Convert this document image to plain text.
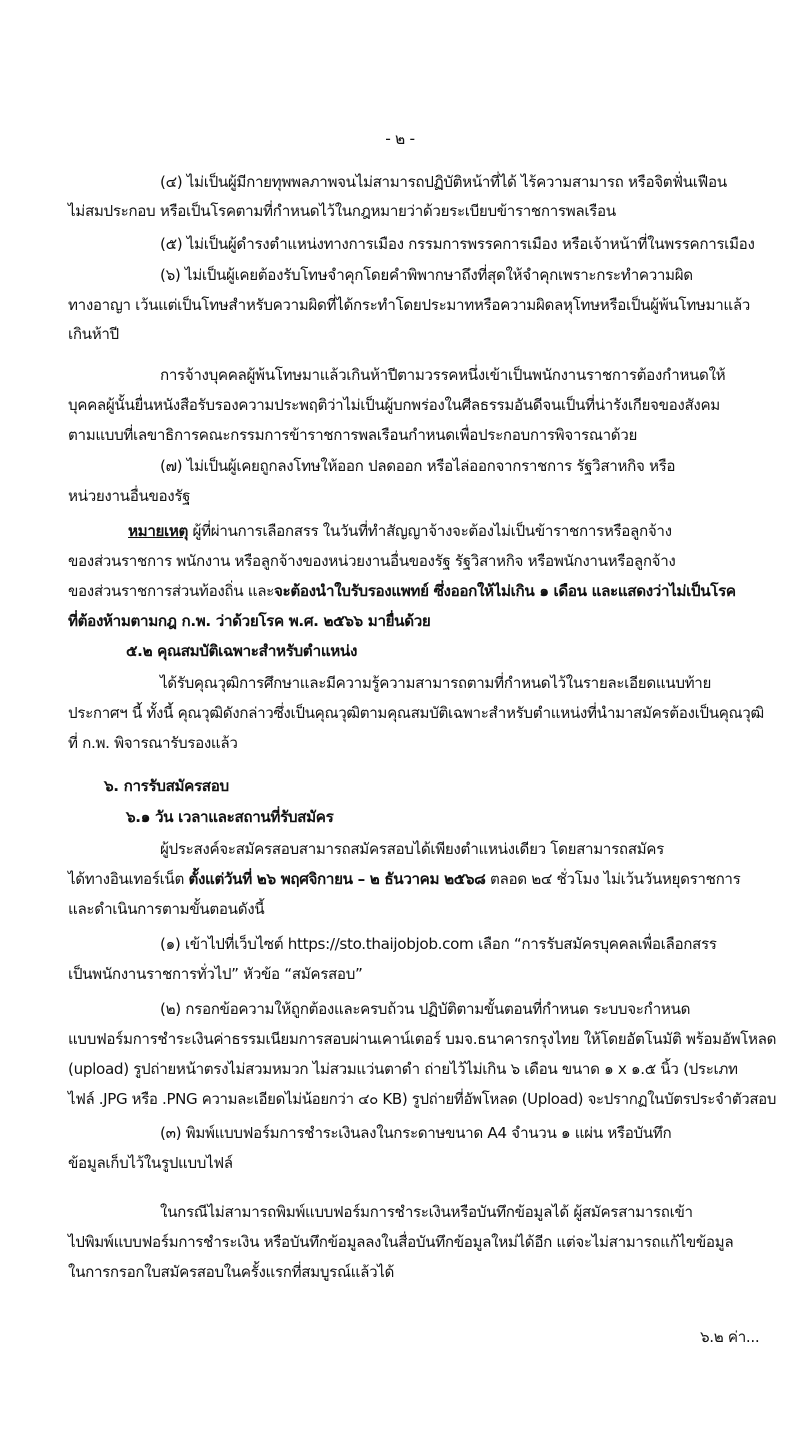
- ๒ -
(๔) ไม่เป็นผู้มีกายทุพพลภาพจนไม่สามารถปฏิบัติหน้าที่ได้ ไร้ความสามารถ หรือจิตฟั่นเฟือน
ไม่สมประกอบ หรือเป็นโรคตามที่กำหนดไว้ในกฎหมายว่าด้วยระเบียบข้าราชการพลเรือน
(๕) ไม่เป็นผู้ดำรงตำแหน่งทางการเมือง กรรมการพรรคการเมือง หรือเจ้าหน้าที่ในพรรคการเมือง
(๖) ไม่เป็นผู้เคยต้องรับโทษจำคุกโดยคำพิพากษาถึงที่สุดให้จำคุกเพราะกระทำความผิด
ทางอาญา เว้นแต่เป็นโทษสำหรับความผิดที่ได้กระทำโดยประมาทหรือความผิดลหุโทษหรือเป็นผู้พ้นโทษมาแล้ว
เกินห้าปี
การจ้างบุคคลผู้พ้นโทษมาแล้วเกินห้าปีตามวรรคหนึ่งเข้าเป็นพนักงานราชการต้องกำหนดให้
บุคคลผู้นั้นยื่นหนังสือรับรองความประพฤติว่าไม่เป็นผู้บกพร่องในศีลธรรมอันดีจนเป็นที่น่ารังเกียจของสังคม
ตามแบบที่เลขาธิการคณะกรรมการข้าราชการพลเรือนกำหนดเพื่อประกอบการพิจารณาด้วย
(๗) ไม่เป็นผู้เคยถูกลงโทษให้ออก ปลดออก หรือไล่ออกจากราชการ รัฐวิสาหกิจ หรือ
หน่วยงานอื่นของรัฐ
หมายเหตุ ผู้ที่ผ่านการเลือกสรร ในวันที่ทำสัญญาจ้างจะต้องไม่เป็นข้าราชการหรือลูกจ้าง
ของส่วนราชการ พนักงาน หรือลูกจ้างของหน่วยงานอื่นของรัฐ รัฐวิสาหกิจ หรือพนักงานหรือลูกจ้าง
ของส่วนราชการส่วนท้องถิ่น และจะต้องนำใบรับรองแพทย์ ซึ่งออกให้ไม่เกิน ๑ เดือน และแสดงว่าไม่เป็นโรค
ที่ต้องห้ามตามกฎ ก.พ. ว่าด้วยโรค พ.ศ. ๒๕๖๖ มายื่นด้วย
๕.๒ คุณสมบัติเฉพาะสำหรับตำแหน่ง
ได้รับคุณวุฒิการศึกษาและมีความรู้ความสามารถตามที่กำหนดไว้ในรายละเอียดแนบท้าย
ประกาศฯ นี้ ทั้งนี้ คุณวุฒิดังกล่าวซึ่งเป็นคุณวุฒิตามคุณสมบัติเฉพาะสำหรับตำแหน่งที่นำมาสมัครต้องเป็นคุณวุฒิ
ที่ ก.พ. พิจารณารับรองแล้ว
๖. การรับสมัครสอบ
๖.๑ วัน เวลาและสถานที่รับสมัคร
ผู้ประสงค์จะสมัครสอบสามารถสมัครสอบได้เพียงตำแหน่งเดียว โดยสามารถสมัคร
ได้ทางอินเทอร์เน็ต ตั้งแต่วันที่ ๒๖ พฤศจิกายน – ๒ ธันวาคม ๒๕๖๘ ตลอด ๒๔ ชั่วโมง ไม่เว้นวันหยุดราชการ
และดำเนินการตามขั้นตอนดังนี้
(๑) เข้าไปที่เว็บไซต์ https://sto.thaijobjob.com เลือก “การรับสมัครบุคคลเพื่อเลือกสรร
เป็นพนักงานราชการทั่วไป” หัวข้อ “สมัครสอบ”
(๒) กรอกข้อความให้ถูกต้องและครบถ้วน ปฏิบัติตามขั้นตอนที่กำหนด ระบบจะกำหนด
แบบฟอร์มการชำระเงินค่าธรรมเนียมการสอบผ่านเคาน์เตอร์ บมจ.ธนาคารกรุงไทย ให้โดยอัตโนมัติ พร้อมอัพโหลด
(upload) รูปถ่ายหน้าตรงไม่สวมหมวก ไม่สวมแว่นตาดำ ถ่ายไว้ไม่เกิน ๖ เดือน ขนาด ๑ x ๑.๕ นิ้ว (ประเภท
ไฟล์ .JPG หรือ .PNG ความละเอียดไม่น้อยกว่า ๔๐ KB) รูปถ่ายที่อัพโหลด (Upload) จะปรากฏในบัตรประจำตัวสอบ
(๓) พิมพ์แบบฟอร์มการชำระเงินลงในกระดาษขนาด A4 จำนวน ๑ แผ่น หรือบันทึก
ข้อมูลเก็บไว้ในรูปแบบไฟล์
ในกรณีไม่สามารถพิมพ์แบบฟอร์มการชำระเงินหรือบันทึกข้อมูลได้ ผู้สมัครสามารถเข้า
ไปพิมพ์แบบฟอร์มการชำระเงิน หรือบันทึกข้อมูลลงในสื่อบันทึกข้อมูลใหม่ได้อีก แต่จะไม่สามารถแก้ไขข้อมูล
ในการกรอกใบสมัครสอบในครั้งแรกที่สมบูรณ์แล้วได้
๖.๒ ค่า...
